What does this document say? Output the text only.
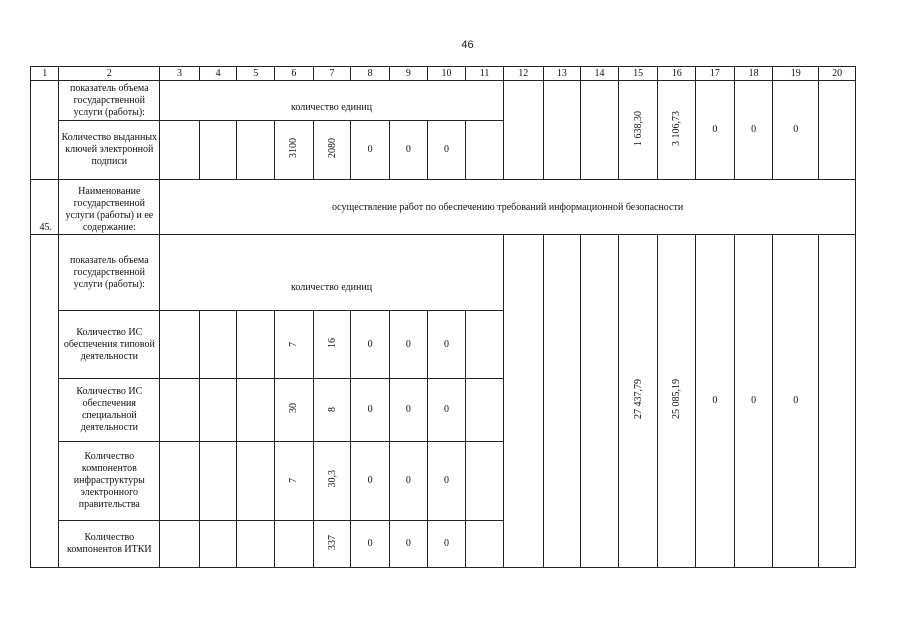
46
1	2	3	4	5	6	7	8	9	10	11	12	13	14	15	16	17	18	19	20
	показатель объема государственной услуги (работы):	количество единиц												1 638,30	3 106,73	0	0	0	
	Количество выданных ключей электронной подписи				3100	2080	0	0	0										
45.	Наименование государственной услуги (работы) и ее содержание:	осуществление работ по обеспечению требований информационной безопасности																	
	показатель объема государственной услуги (работы):	количество единиц												27 437,79	25 085,19	0	0	0	
	Количество ИС обеспечения типовой деятельности				7	16	0	0	0										
	Количество ИС обеспечения специальной деятельности				30	8	0	0	0										
	Количество компонентов инфраструктуры электронного правительства				7	30,3	0	0	0										
	Количество компонентов ИТКИ					337	0	0	0										
